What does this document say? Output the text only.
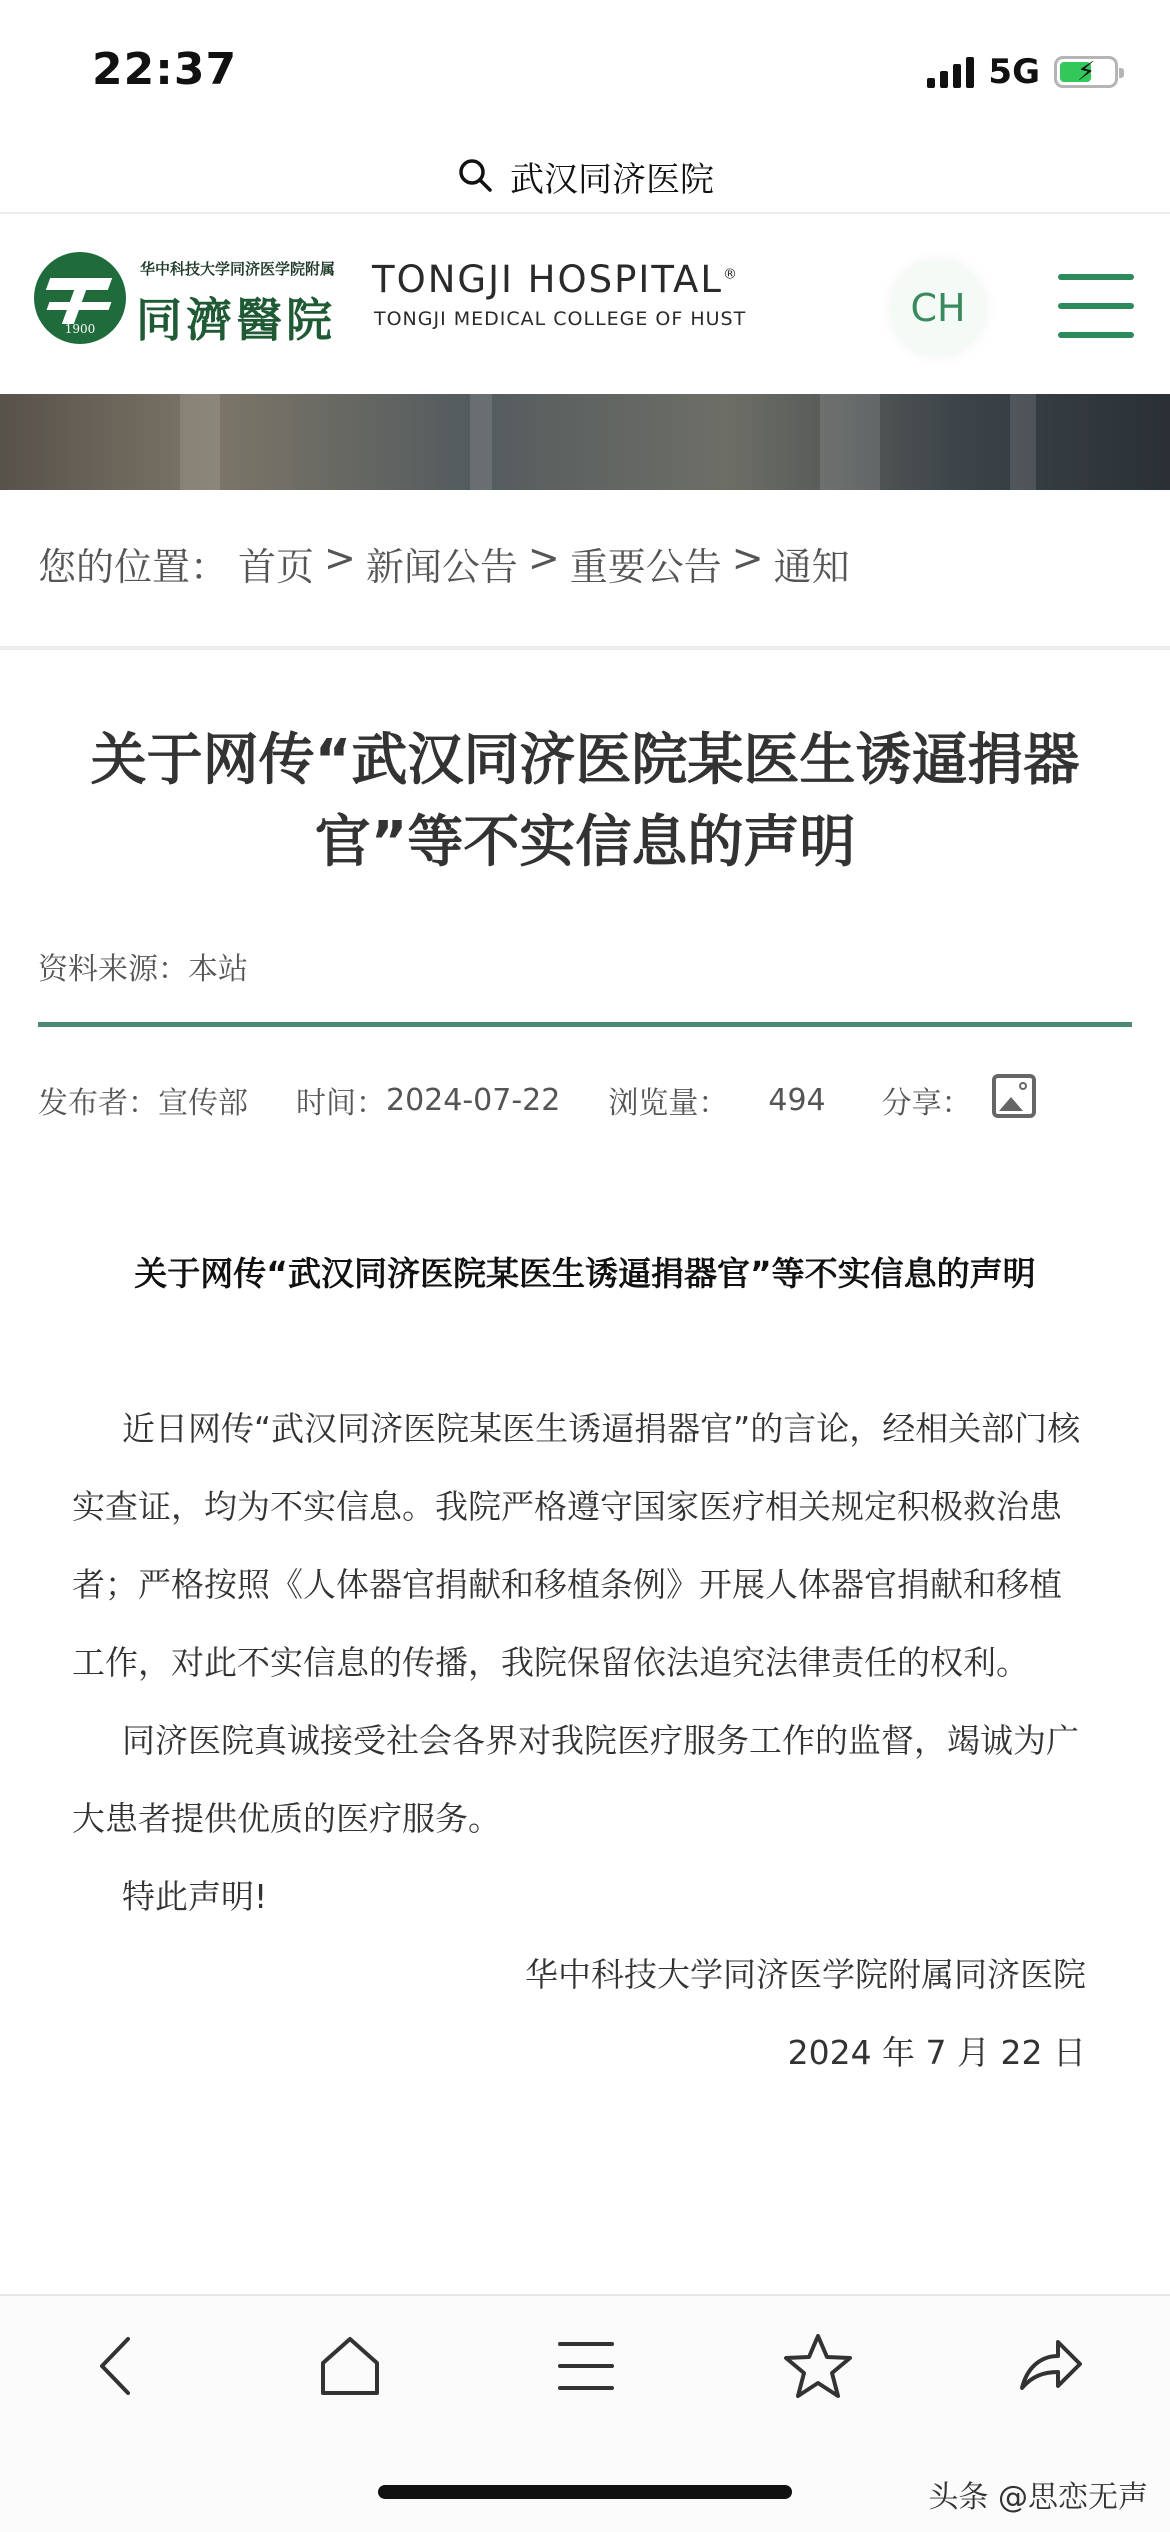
22:37	5G ⚡
武汉同济医院
1900
华中科技大学同济医学院附属
同濟醫院
TONGJI HOSPITAL®
TONGJI MEDICAL COLLEGE OF HUST	CH
您的位置： 首页 > 新闻公告 > 重要公告 > 通知
关于网传“武汉同济医院某医生诱逼捐器官”等不实信息的声明
资料来源：本站
发布者：宣传部 时间： 2024-07-22 浏览量： 494 分享：
关于网传“武汉同济医院某医生诱逼捐器官”等不实信息的声明

近日网传“武汉同济医院某医生诱逼捐器官”的言论，经相关部门核实查证，均为不实信息。我院严格遵守国家医疗相关规定积极救治患者；严格按照《人体器官捐献和移植条例》开展人体器官捐献和移植工作，对此不实信息的传播，我院保留依法追究法律责任的权利。

同济医院真诚接受社会各界对我院医疗服务工作的监督，竭诚为广大患者提供优质的医疗服务。

特此声明!

华中科技大学同济医学院附属同济医院
2024 年 7 月 22 日
头条 @思恋无声
